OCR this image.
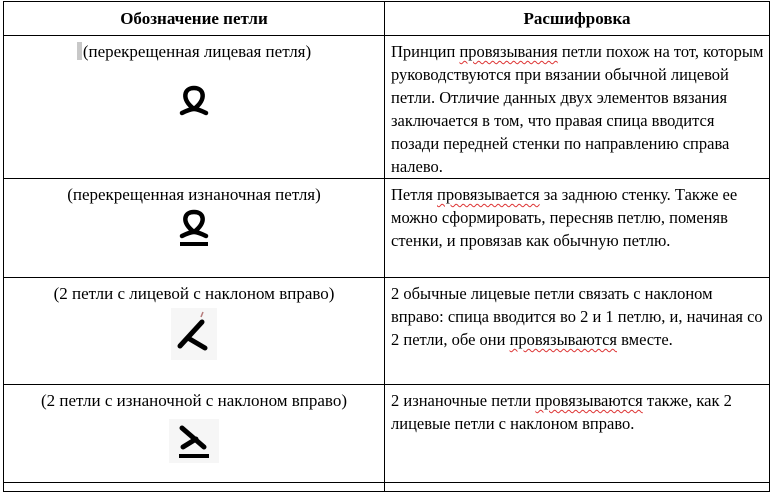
Обозначение петли	Расшифровка

(перекрещенная лицевая петля)	Принцип провязывания петли похож на тот, которым руководствуются при вязании обычной лицевой петли. Отличие данных двух элементов вязания заключается в том, что правая спица вводится позади передней стенки по направлению справа налево.

(перекрещенная изнаночная петля)	Петля провязывается за заднюю стенку. Также ее можно сформировать, пересняв петлю, поменяв стенки, и провязав как обычную петлю.

(2 петли с лицевой с наклоном вправо)	2 обычные лицевые петли связать с наклоном вправо: спица вводится во 2 и 1 петлю, и, начиная со 2 петли, обе они провязываются вместе.

(2 петли с изнаночной с наклоном вправо)	2 изнаночные петли провязываются также, как 2 лицевые петли с наклоном вправо.
